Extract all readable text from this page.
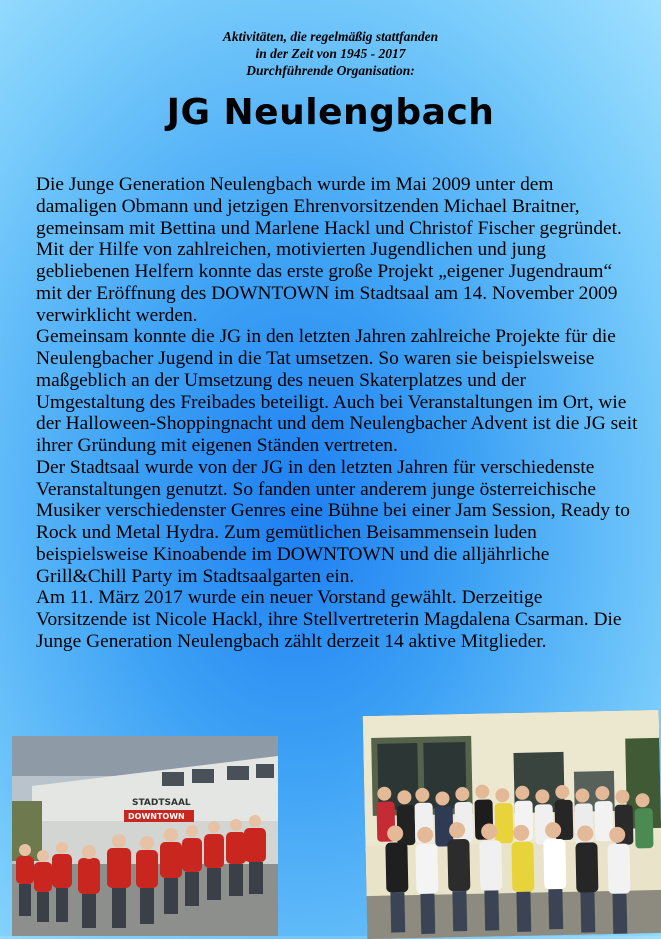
Aktivitäten, die regelmäßig stattfanden
in der Zeit von 1945 - 2017
Durchführende Organisation:
JG Neulengbach

Die Junge Generation Neulengbach wurde im Mai 2009 unter dem damaligen Obmann und jetzigen Ehrenvorsitzenden Michael Braitner, gemeinsam mit Bettina und Marlene Hackl und Christof Fischer gegründet. Mit der Hilfe von zahlreichen, motivierten Jugendlichen und jung gebliebenen Helfern konnte das erste große Projekt „eigener Jugendraum“ mit der Eröffnung des DOWNTOWN im Stadtsaal am 14. November 2009 verwirklicht werden.

Gemeinsam konnte die JG in den letzten Jahren zahlreiche Projekte für die Neulengbacher Jugend in die Tat umsetzen. So waren sie beispielsweise maßgeblich an der Umsetzung des neuen Skaterplatzes und der Umgestaltung des Freibades beteiligt. Auch bei Veranstaltungen im Ort, wie der Halloween-Shoppingnacht und dem Neulengbacher Advent ist die JG seit ihrer Gründung mit eigenen Ständen vertreten.

Der Stadtsaal wurde von der JG in den letzten Jahren für verschiedenste Veranstaltungen genutzt. So fanden unter anderem junge österreichische Musiker verschiedenster Genres eine Bühne bei einer Jam Session, Ready to Rock und Metal Hydra. Zum gemütlichen Beisammensein luden beispielsweise Kinoabende im DOWNTOWN und die alljährliche Grill&Chill Party im Stadtsaalgarten ein.

Am 11. März 2017 wurde ein neuer Vorstand gewählt. Derzeitige Vorsitzende ist Nicole Hackl, ihre Stellvertreterin Magdalena Csarman. Die Junge Generation Neulengbach zählt derzeit 14 aktive Mitglieder.

STADTSAAL
DOWNTOWN
